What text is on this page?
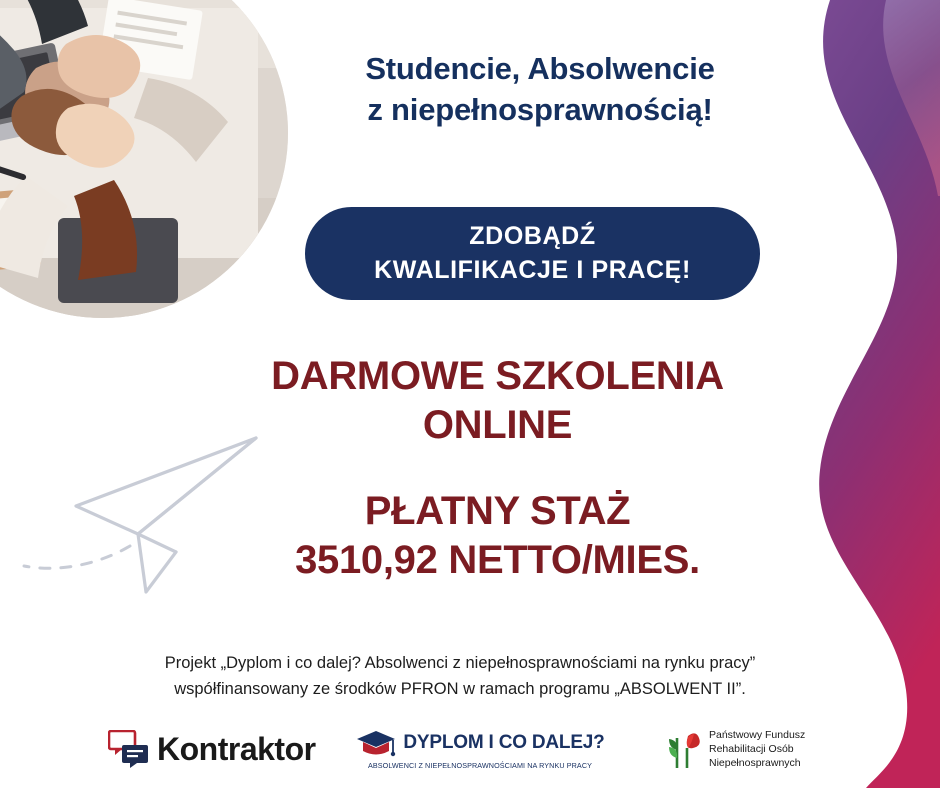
Studencie, Absolwencie
z niepełnosprawnością!
ZDOBĄDŹ
KWALIFIKACJE I PRACĘ!
DARMOWE SZKOLENIA
ONLINE
PŁATNY STAŻ
3510,92 NETTO/MIES.
Projekt „Dyplom i co dalej? Absolwenci z niepełnosprawnościami na rynku pracy”
współfinansowany ze środków PFRON w ramach programu „ABSOLWENT II”.
Kontraktor	DYPLOM I CO DALEJ?
ABSOLWENCI Z NIEPEŁNOSPRAWNOŚCIAMI NA RYNKU PRACY
Państwowy Fundusz
Rehabilitacji Osób
Niepełnosprawnych
